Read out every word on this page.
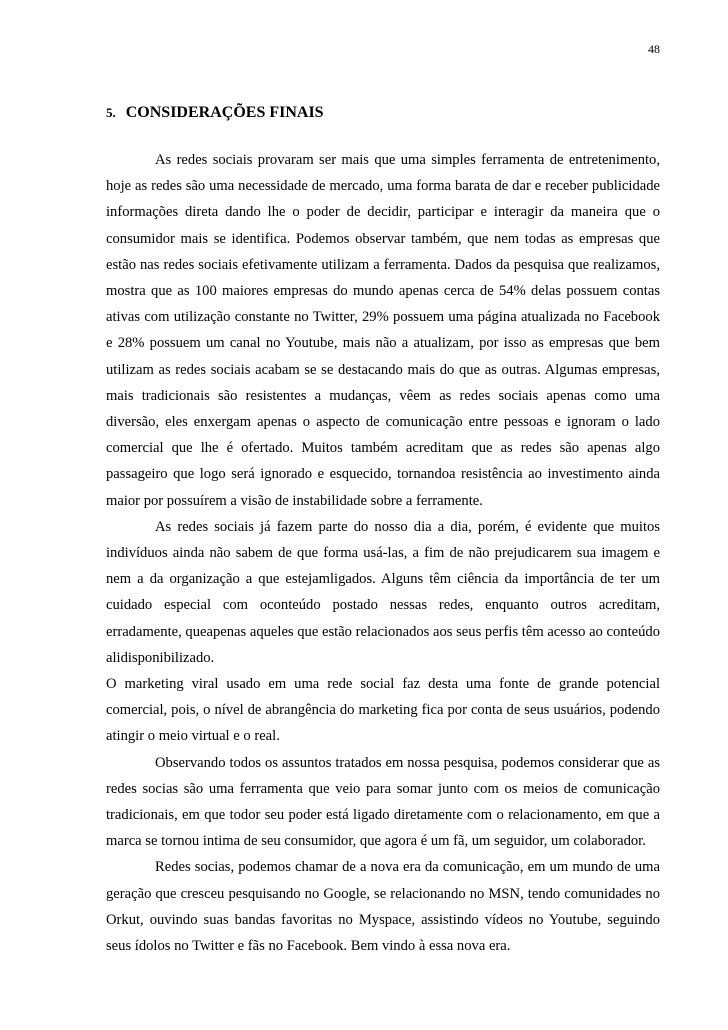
48
5. CONSIDERAÇÕES FINAIS

As redes sociais provaram ser mais que uma simples ferramenta de entretenimento, hoje as redes são uma necessidade de mercado, uma forma barata de dar e receber publicidade informações direta dando lhe o poder de decidir, participar e interagir da maneira que o consumidor mais se identifica. Podemos observar também, que nem todas as empresas que estão nas redes sociais efetivamente utilizam a ferramenta. Dados da pesquisa que realizamos, mostra que as 100 maiores empresas do mundo apenas cerca de 54% delas possuem contas ativas com utilização constante no Twitter, 29% possuem uma página atualizada no Facebook e 28% possuem um canal no Youtube, mais não a atualizam, por isso as empresas que bem utilizam as redes sociais acabam se se destacando mais do que as outras. Algumas empresas, mais tradicionais são resistentes a mudanças, vêem as redes sociais apenas como uma diversão, eles enxergam apenas o aspecto de comunicação entre pessoas e ignoram o lado comercial que lhe é ofertado. Muitos também acreditam que as redes são apenas algo passageiro que logo será ignorado e esquecido, tornandoa resistência ao investimento ainda maior por possuírem a visão de instabilidade sobre a ferramente.

As redes sociais já fazem parte do nosso dia a dia, porém, é evidente que muitos indivíduos ainda não sabem de que forma usá-las, a fim de não prejudicarem sua imagem e nem a da organização a que estejamligados. Alguns têm ciência da importância de ter um cuidado especial com oconteúdo postado nessas redes, enquanto outros acreditam, erradamente, queapenas aqueles que estão relacionados aos seus perfis têm acesso ao conteúdo alidisponibilizado.

O marketing viral usado em uma rede social faz desta uma fonte de grande potencial comercial, pois, o nível de abrangência do marketing fica por conta de seus usuários, podendo atingir o meio virtual e o real.

Observando todos os assuntos tratados em nossa pesquisa, podemos considerar que as redes socias são uma ferramenta que veio para somar junto com os meios de comunicação tradicionais, em que todor seu poder está ligado diretamente com o relacionamento, em que a marca se tornou intima de seu consumidor, que agora é um fã, um seguidor, um colaborador.

Redes socias, podemos chamar de a nova era da comunicação, em um mundo de uma geração que cresceu pesquisando no Google, se relacionando no MSN, tendo comunidades no Orkut, ouvindo suas bandas favoritas no Myspace, assistindo vídeos no Youtube, seguindo seus ídolos no Twitter e fãs no Facebook. Bem vindo à essa nova era.
